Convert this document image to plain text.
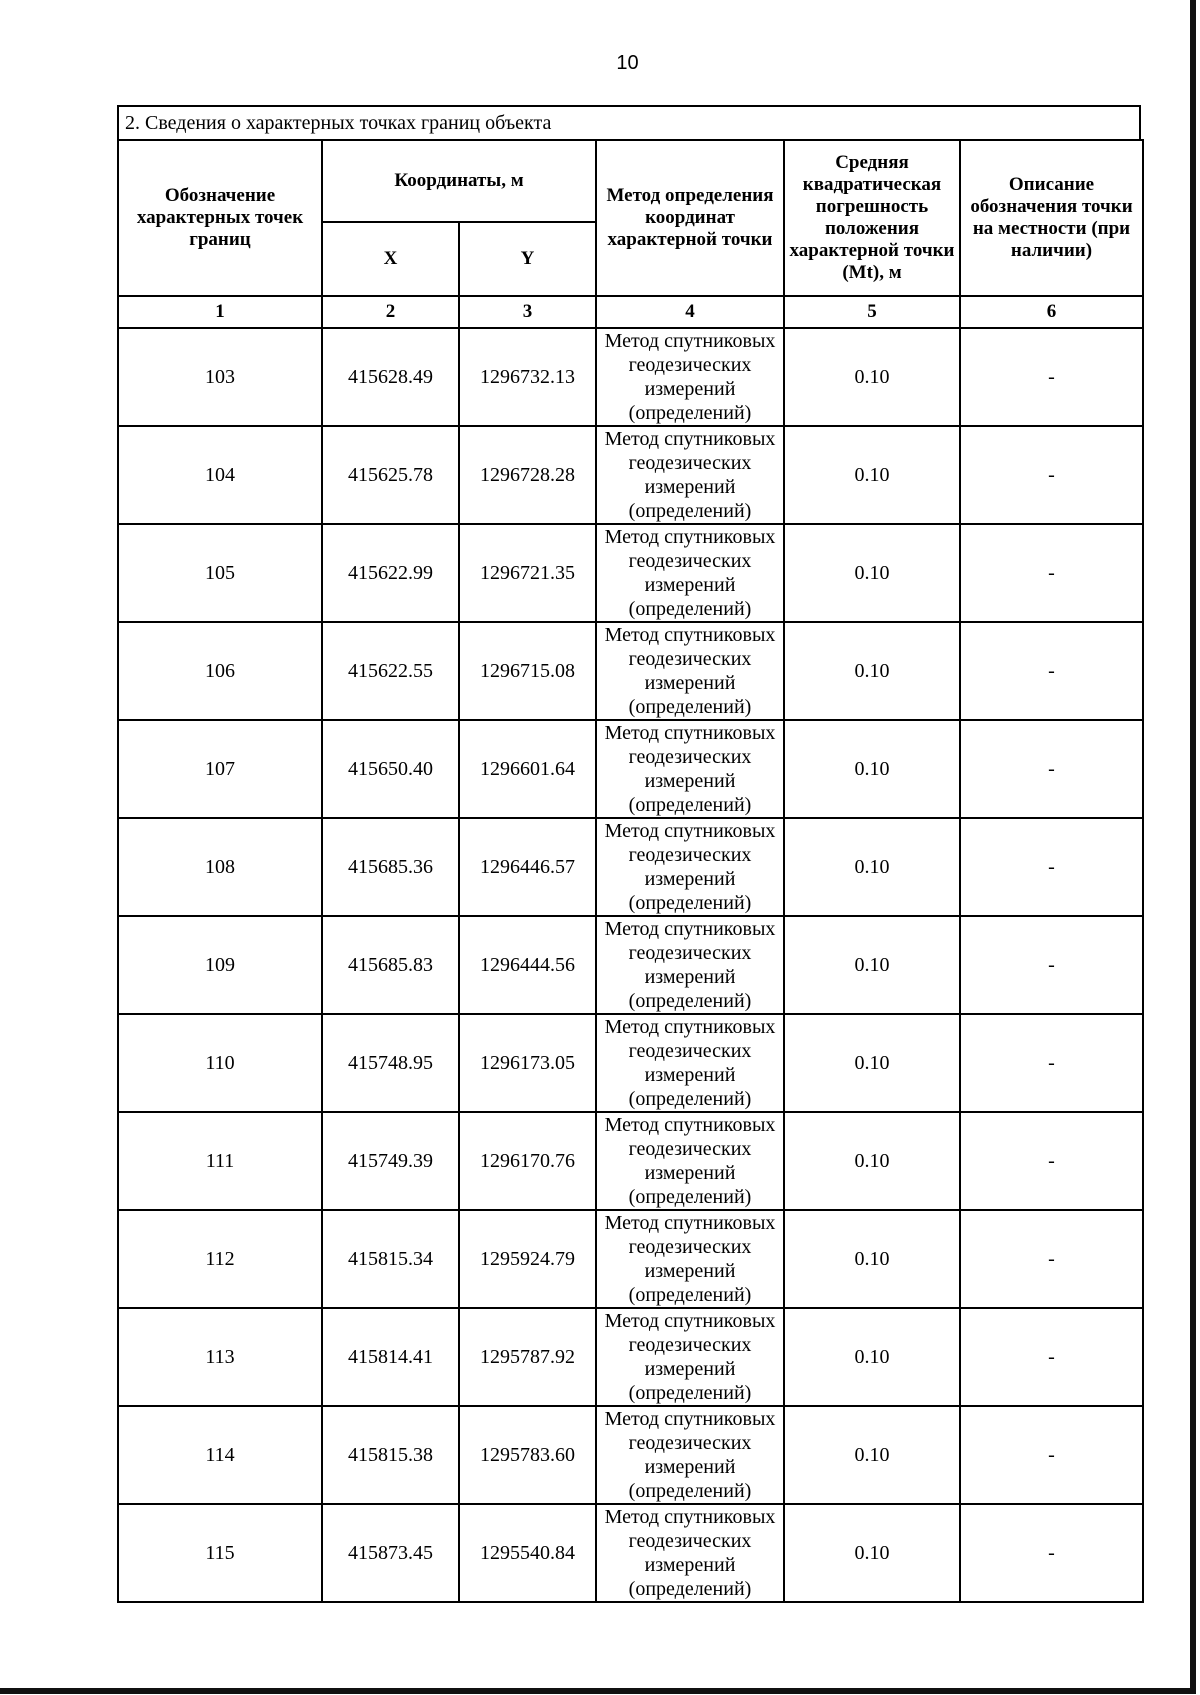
10
2. Сведения о характерных точках границ объекта
Обозначение характерных точек границ	Координаты, м		Метод определения координат характерной точки	Средняя квадратическая погрешность положения характерной точки (Mt), м	Описание обозначения точки на местности (при наличии)
	X	Y			
1	2	3	4	5	6
103	415628.49	1296732.13	Метод спутниковых геодезических измерений (определений)	0.10	-
104	415625.78	1296728.28	Метод спутниковых геодезических измерений (определений)	0.10	-
105	415622.99	1296721.35	Метод спутниковых геодезических измерений (определений)	0.10	-
106	415622.55	1296715.08	Метод спутниковых геодезических измерений (определений)	0.10	-
107	415650.40	1296601.64	Метод спутниковых геодезических измерений (определений)	0.10	-
108	415685.36	1296446.57	Метод спутниковых геодезических измерений (определений)	0.10	-
109	415685.83	1296444.56	Метод спутниковых геодезических измерений (определений)	0.10	-
110	415748.95	1296173.05	Метод спутниковых геодезических измерений (определений)	0.10	-
111	415749.39	1296170.76	Метод спутниковых геодезических измерений (определений)	0.10	-
112	415815.34	1295924.79	Метод спутниковых геодезических измерений (определений)	0.10	-
113	415814.41	1295787.92	Метод спутниковых геодезических измерений (определений)	0.10	-
114	415815.38	1295783.60	Метод спутниковых геодезических измерений (определений)	0.10	-
115	415873.45	1295540.84	Метод спутниковых геодезических измерений (определений)	0.10	-
